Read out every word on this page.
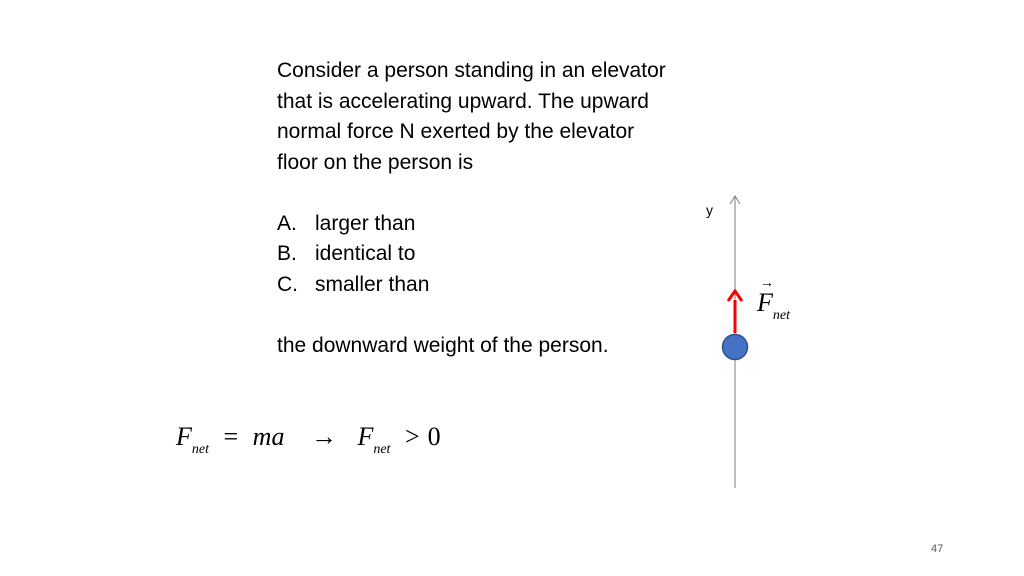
Consider a person standing in an elevator

that is accelerating upward. The upward

normal force N exerted by the elevator

floor on the person is

A. larger than
B. identical to
C. smaller than

the downward weight of the person.

$F_{net}$ = ma → $F_{net} > 0$
y
→ $F_{net}$
47
